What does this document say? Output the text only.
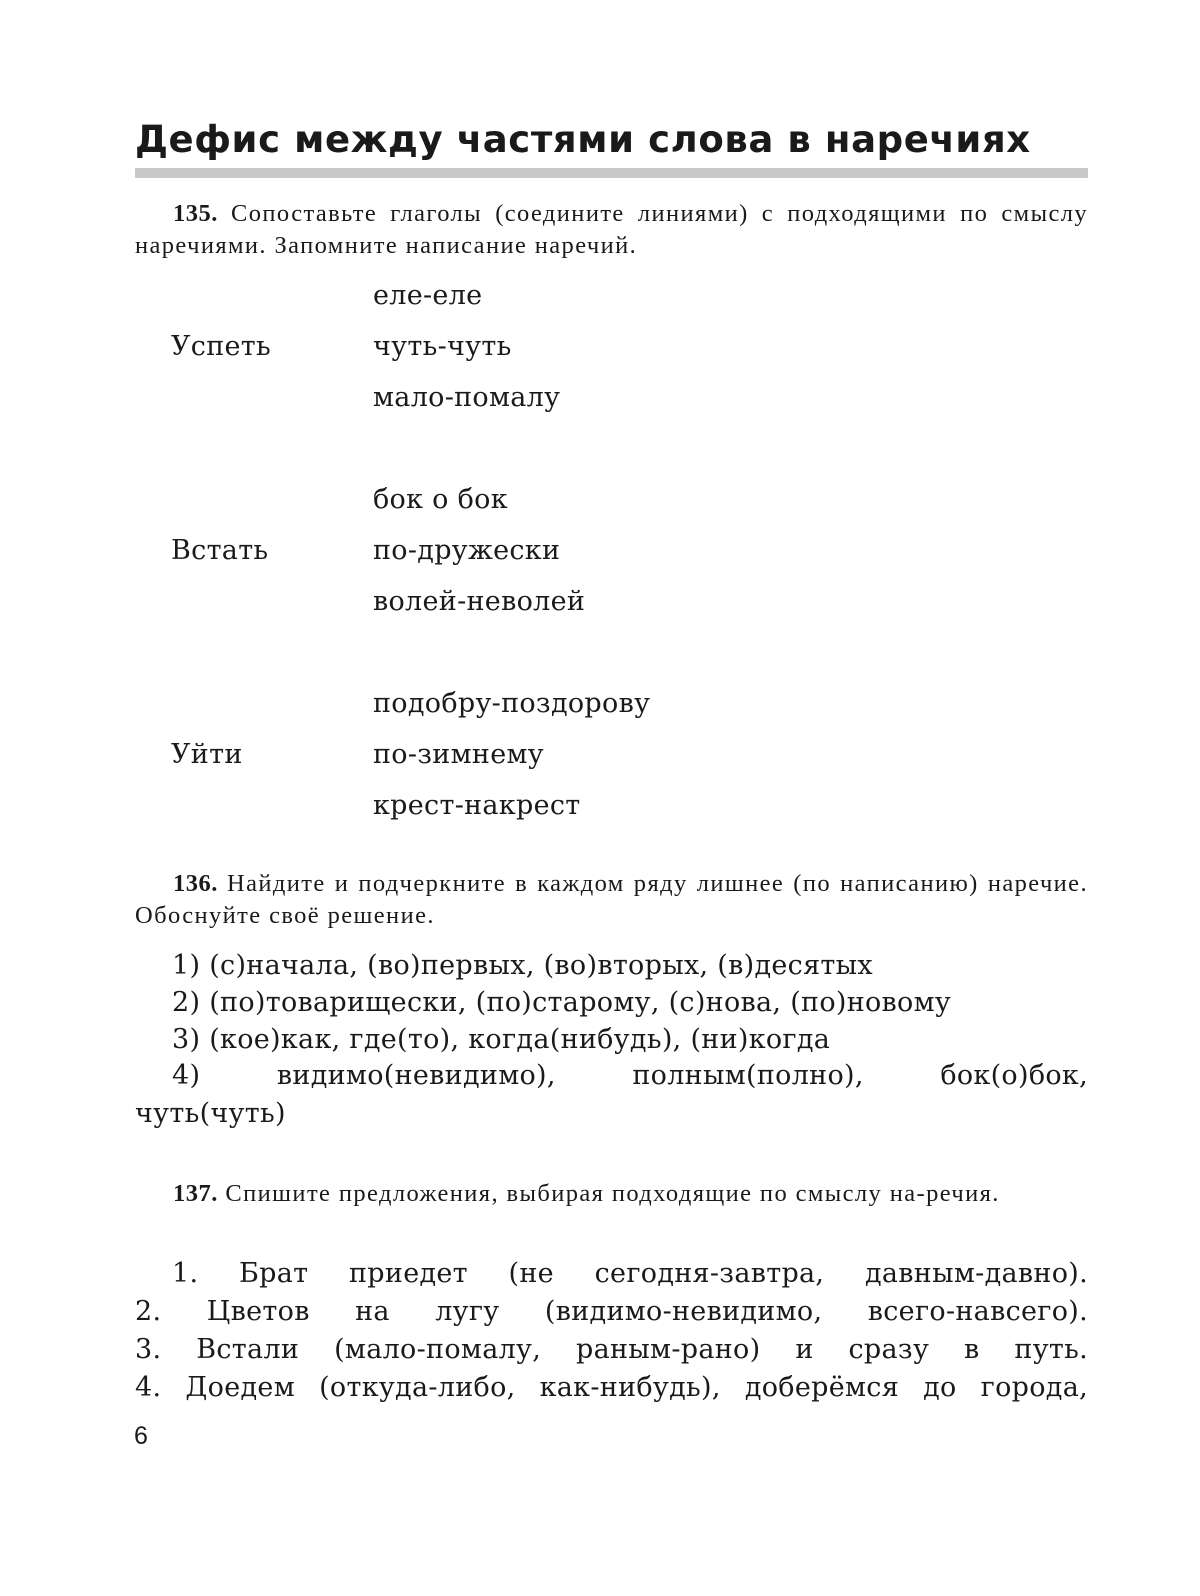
Дефис между частями слова в наречиях
135. Сопоставьте глаголы (соедините линиями) с подходящими по смыслу наречиями. Запомните написание наречий.
еле-еле
Успеть	чуть-чуть
мало-помалу
бок о бок
Встать	по-дружески
волей-неволей
подобру-поздорову
Уйти	по-зимнему
крест-накрест
136. Найдите и подчеркните в каждом ряду лишнее (по написанию) наречие. Обоснуйте своё решение.
1) (с)начала, (во)первых, (во)вторых, (в)десятых
2) (по)товарищески, (по)старому, (с)нова, (по)новому
3) (кое)как, где(то), когда(нибудь), (ни)когда
4) видимо(невидимо), полным(полно), бок(о)бок,
чуть(чуть)
137. Спишите предложения, выбирая подходящие по смыслу на-речия.
1. Брат приедет (не сегодня-завтра, давным-давно).
2. Цветов на лугу (видимо-невидимо, всего-навсего).
3. Встали (мало-помалу, раным-рано) и сразу в путь.
4. Доедем (откуда-либо, как-нибудь), доберёмся до города,
6
